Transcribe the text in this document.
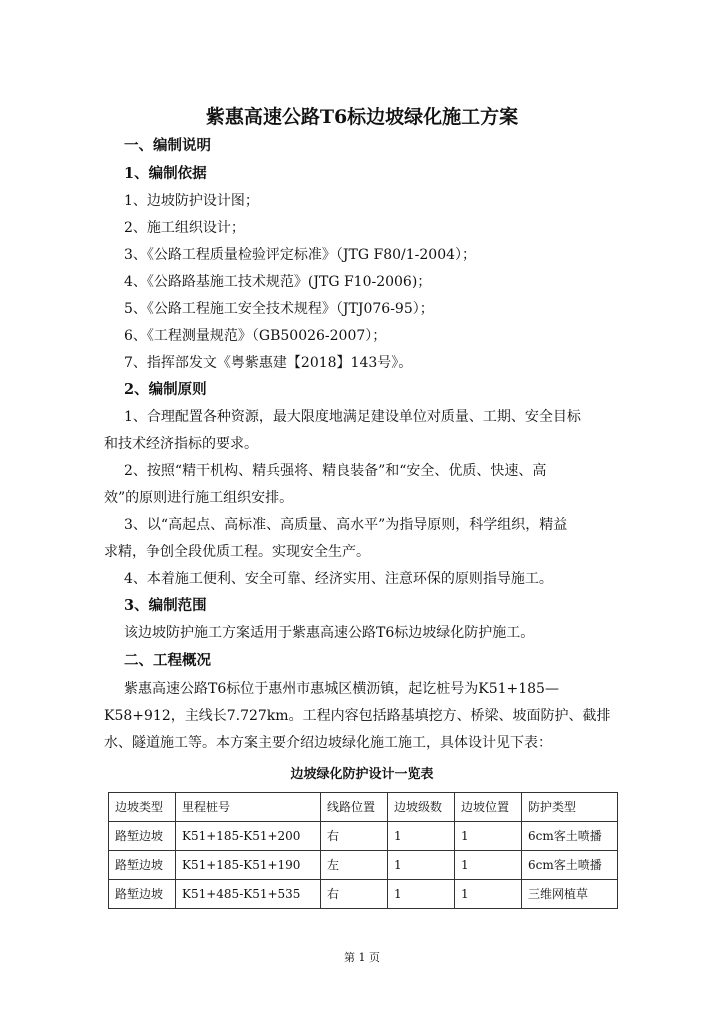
紫惠高速公路T6标边坡绿化施工方案
一、编制说明
1、编制依据
1、边坡防护设计图；
2、施工组织设计；
3、《公路工程质量检验评定标准》（JTG F80/1-2004）；
4、《公路路基施工技术规范》(JTG F10-2006)；
5、《公路工程施工安全技术规程》（JTJ076-95）；
6、《工程测量规范》（GB50026-2007）；
7、指挥部发文《粤紫惠建【2018】143号》。
2、编制原则
1、合理配置各种资源，最大限度地满足建设单位对质量、工期、安全目标
和技术经济指标的要求。
2、按照“精干机构、精兵强将、精良装备”和“安全、优质、快速、高
效”的原则进行施工组织安排。
3、以“高起点、高标准、高质量、高水平”为指导原则，科学组织，精益
求精，争创全段优质工程。实现安全生产。
4、本着施工便利、安全可靠、经济实用、注意环保的原则指导施工。
3、编制范围
该边坡防护施工方案适用于紫惠高速公路T6标边坡绿化防护施工。
二、工程概况
紫惠高速公路T6标位于惠州市惠城区横沥镇，起讫桩号为K51+185—
K58+912，主线长7.727km。工程内容包括路基填挖方、桥梁、坡面防护、截排
水、隧道施工等。本方案主要介绍边坡绿化施工施工，具体设计见下表：
边坡绿化防护设计一览表
边坡类型	里程桩号	线路位置	边坡级数	边坡位置	防护类型
路堑边坡	K51+185-K51+200	右	1	1	6cm客土喷播
路堑边坡	K51+185-K51+190	左	1	1	6cm客土喷播
路堑边坡	K51+485-K51+535	右	1	1	三维网植草
第 1 页
